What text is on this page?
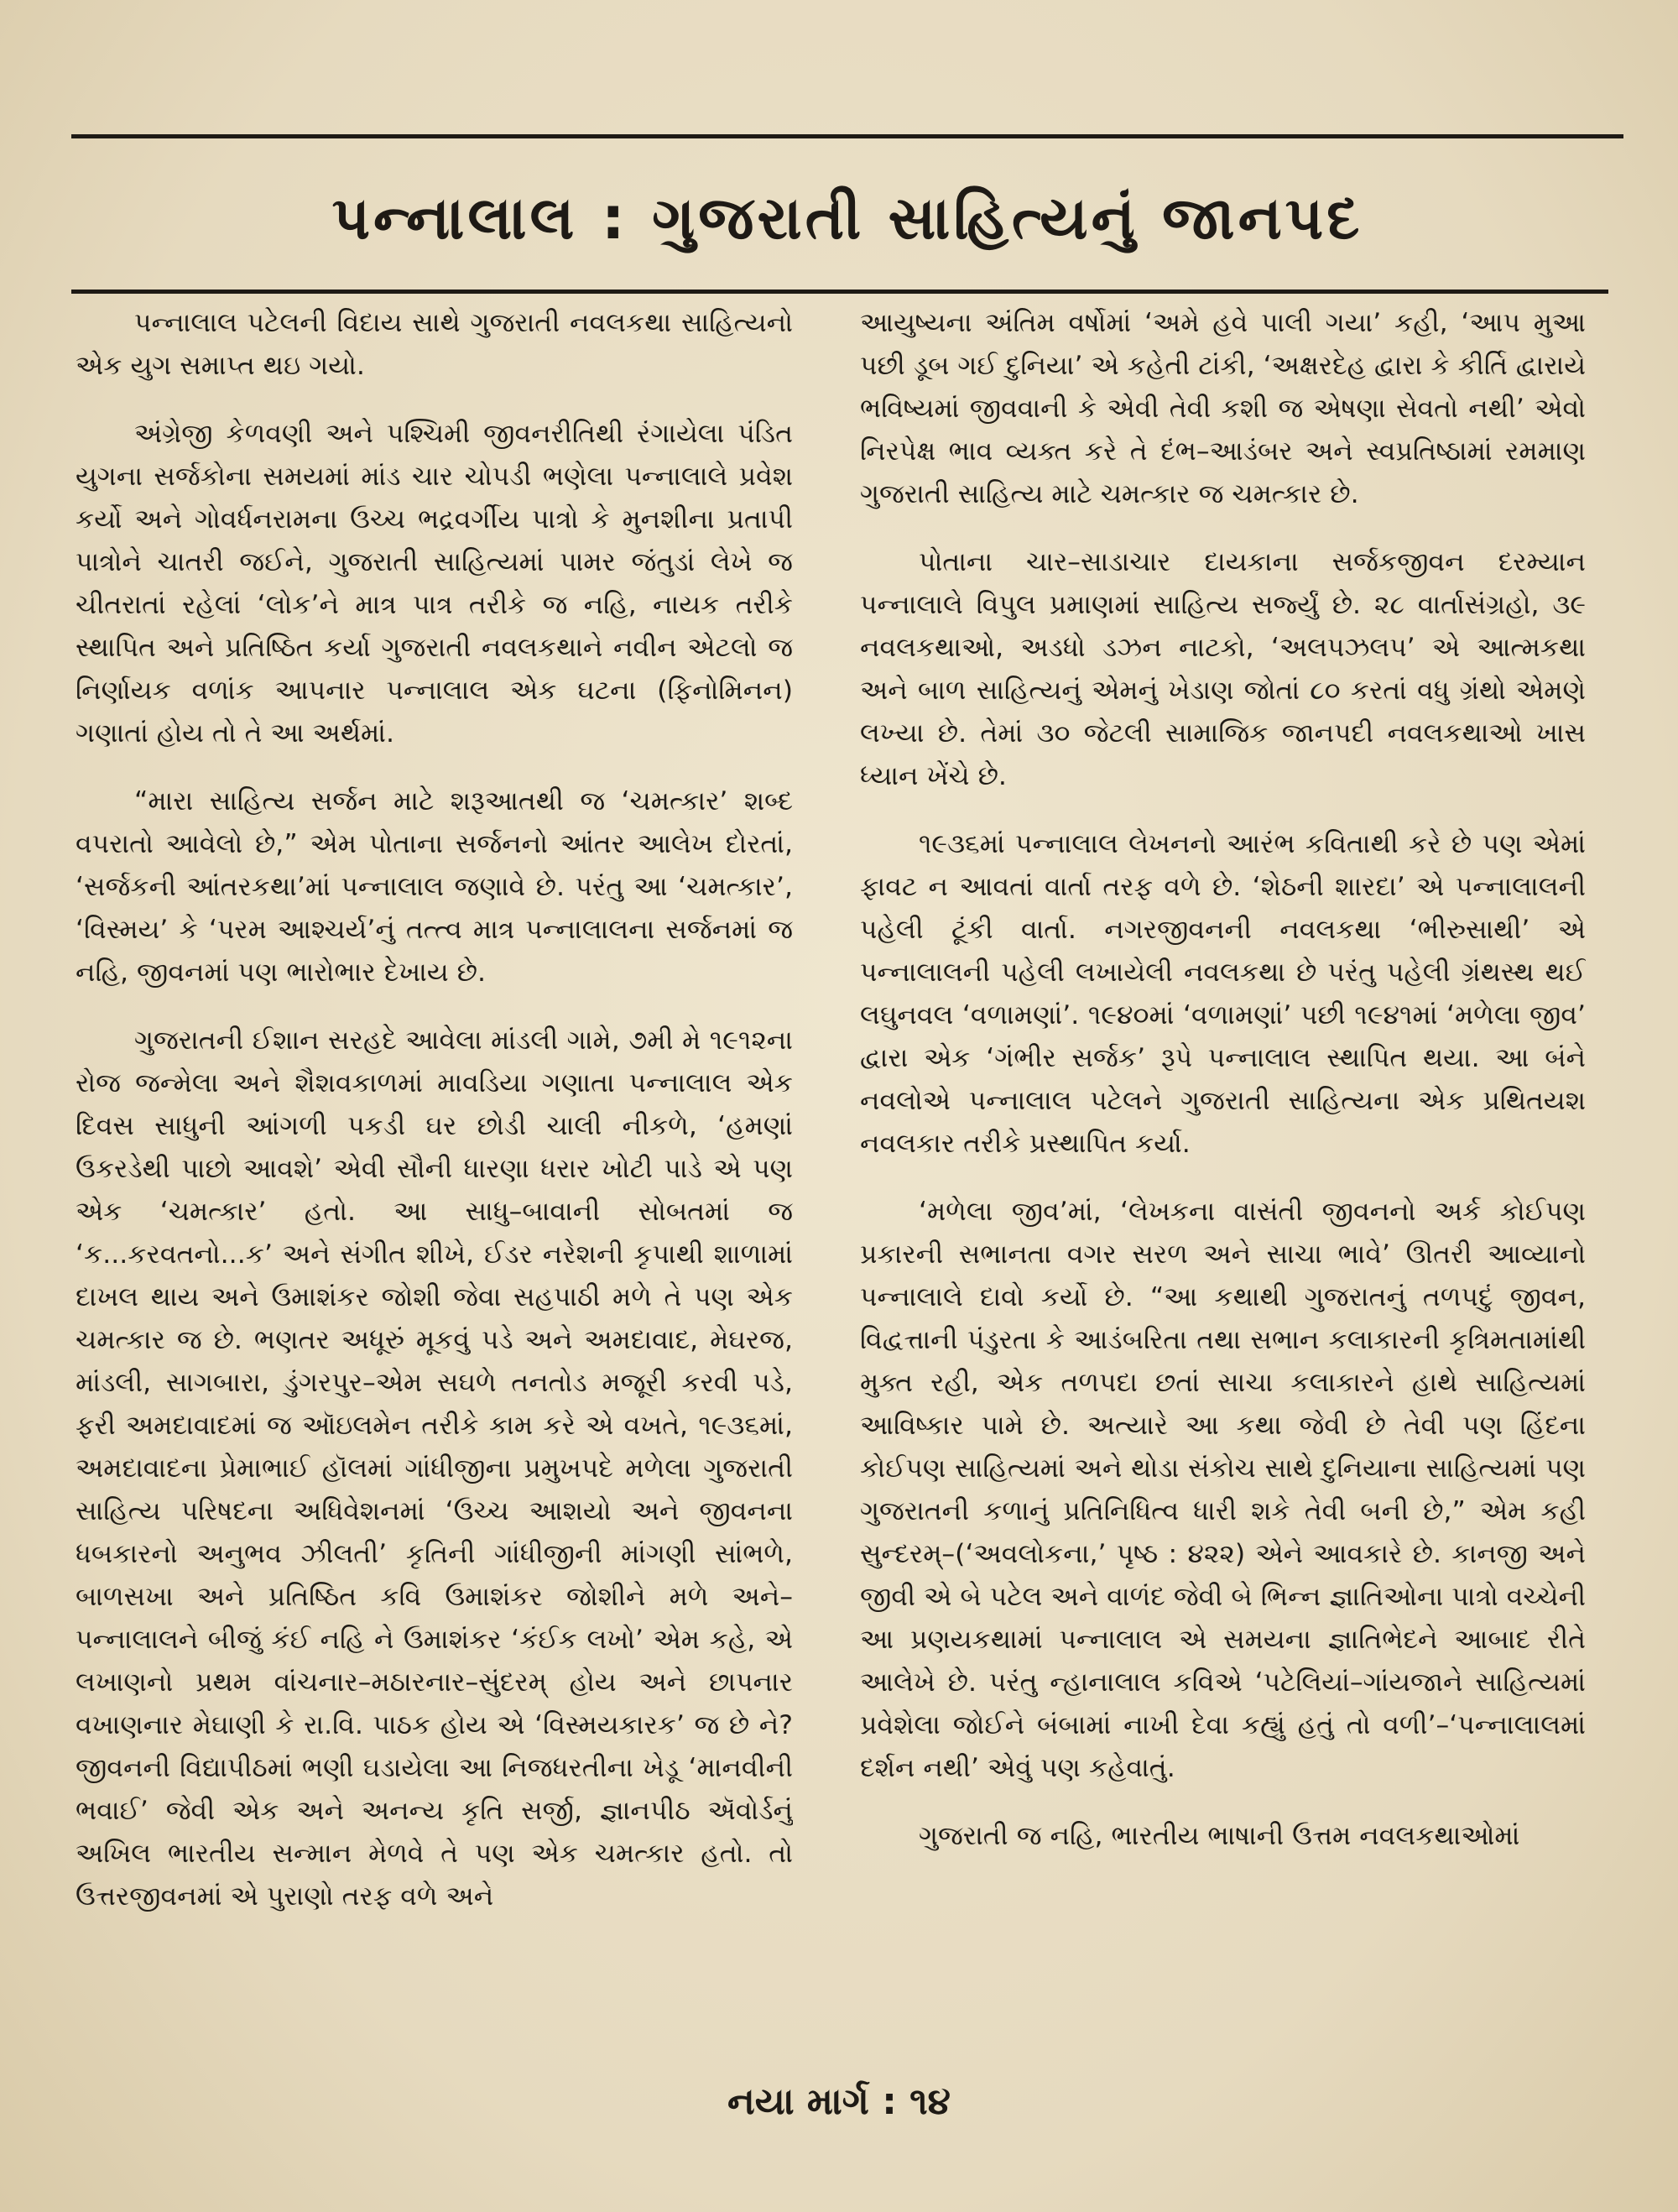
પન્નાલાલ : ગુજરાતી સાહિત્યનું જાનપદ

પન્નાલાલ પટેલની વિદાય સાથે ગુજરાતી નવલકથા સાહિત્યનો એક યુગ સમાપ્ત થઇ ગયો.

અંગ્રેજી કેળવણી અને પશ્ચિમી જીવનરીતિથી રંગાયેલા પંડિત યુગના સર્જકોના સમયમાં માંડ ચાર ચોપડી ભણેલા પન્નાલાલે પ્રવેશ કર્યો અને ગોવર્ધનરામના ઉચ્ચ ભદ્રવર્ગીય પાત્રો કે મુનશીના પ્રતાપી પાત્રોને ચાતરી જઈને, ગુજરાતી સાહિત્યમાં પામર જંતુડાં લેખે જ ચીતરાતાં રહેલાં ‘લોક’ને માત્ર પાત્ર તરીકે જ નહિ, નાયક તરીકે સ્થાપિત અને પ્રતિષ્ઠિત કર્યા ગુજરાતી નવલકથાને નવીન એટલો જ નિર્ણાયક વળાંક આપનાર પન્નાલાલ એક ઘટના (ફિનોમિનન) ગણાતાં હોય તો તે આ અર્થમાં.

“મારા સાહિત્ય સર્જન માટે શરૂઆતથી જ ‘ચમત્કાર’ શબ્દ વપરાતો આવેલો છે,” એમ પોતાના સર્જનનો આંતર આલેખ દોરતાં, ‘સર્જકની આંતરકથા’માં પન્નાલાલ જણાવે છે. પરંતુ આ ‘ચમત્કાર’, ‘વિસ્મય’ કે ‘પરમ આશ્ચર્ય’નું તત્ત્વ માત્ર પન્નાલાલના સર્જનમાં જ નહિ, જીવનમાં પણ ભારોભાર દેખાય છે.

ગુજરાતની ઈશાન સરહદે આવેલા માંડલી ગામે, ૭મી મે ૧૯૧૨ના રોજ જન્મેલા અને શૈશવકાળમાં માવડિયા ગણાતા પન્નાલાલ એક દિવસ સાધુની આંગળી પકડી ઘર છોડી ચાલી નીકળે, ‘હમણાં ઉકરડેથી પાછો આવશે’ એવી સૌની ધારણા ધરાર ખોટી પાડે એ પણ એક ‘ચમત્કાર’ હતો. આ સાધુ–બાવાની સોબતમાં જ ‘ક...કરવતનો...ક’ અને સંગીત શીખે, ઈડર નરેશની કૃપાથી શાળામાં દાખલ થાય અને ઉમાશંકર જોશી જેવા સહપાઠી મળે તે પણ એક ચમત્કાર જ છે. ભણતર અધૂરું મૂકવું પડે અને અમદાવાદ, મેઘરજ, માંડલી, સાગબારા, ડુંગરપુર–એમ સઘળે તનતોડ મજૂરી કરવી પડે, ફરી અમદાવાદમાં જ ઑઇલમેન તરીકે કામ કરે એ વખતે, ૧૯૩૬માં, અમદાવાદના પ્રેમાભાઈ હૉલમાં ગાંધીજીના પ્રમુખપદે મળેલા ગુજરાતી સાહિત્ય પરિષદના અધિવેશનમાં ‘ઉચ્ચ આશયો અને જીવનના ધબકારનો અનુભવ ઝીલતી’ કૃતિની ગાંધીજીની માંગણી સાંભળે, બાળસખા અને પ્રતિષ્ઠિત કવિ ઉમાશંકર જોશીને મળે અને–પન્નાલાલને બીજું કંઈ નહિ ને ઉમાશંકર ‘કંઈક લખો’ એમ કહે, એ લખાણનો પ્રથમ વાંચનાર–મઠારનાર–સુંદરમ્ હોય અને છાપનાર વખાણનાર મેઘાણી કે રા.વિ. પાઠક હોય એ ‘વિસ્મયકારક’ જ છે ને? જીવનની વિદ્યાપીઠમાં ભણી ઘડાયેલા આ નિજધરતીના ખેડૂ ‘માનવીની ભવાઈ’ જેવી એક અને અનન્ય કૃતિ સર્જી, જ્ઞાનપીઠ ઍવોર્ડનું અખિલ ભારતીય સન્માન મેળવે તે પણ એક ચમત્કાર હતો. તો ઉત્તરજીવનમાં એ પુરાણો તરફ વળે અને

આયુષ્યના અંતિમ વર્ષોમાં ‘અમે હવે પાલી ગયા’ કહી, ‘આપ મુઆ પછી ડૂબ ગઈ દુનિયા’ એ કહેતી ટાંકી, ‘અક્ષરદેહ દ્વારા કે કીર્તિ દ્વારાયે ભવિષ્યમાં જીવવાની કે એવી તેવી કશી જ એષણા સેવતો નથી’ એવો નિરપેક્ષ ભાવ વ્યક્ત કરે તે દંભ–આડંબર અને સ્વપ્રતિષ્ઠામાં રમમાણ ગુજરાતી સાહિત્ય માટે ચમત્કાર જ ચમત્કાર છે.

પોતાના ચાર–સાડાચાર દાયકાના સર્જકજીવન દરમ્યાન પન્નાલાલે વિપુલ પ્રમાણમાં સાહિત્ય સર્જ્યું છે. ૨૮ વાર્તાસંગ્રહો, ૩૯ નવલકથાઓ, અડધો ડઝન નાટકો, ‘અલપઝલપ’ એ આત્મકથા અને બાળ સાહિત્યનું એમનું ખેડાણ જોતાં ૮૦ કરતાં વધુ ગ્રંથો એમણે લખ્યા છે. તેમાં ૩૦ જેટલી સામાજિક જાનપદી નવલકથાઓ ખાસ ધ્યાન ખેંચે છે.

૧૯૩૬માં પન્નાલાલ લેખનનો આરંભ કવિતાથી કરે છે પણ એમાં ફાવટ ન આવતાં વાર્તા તરફ વળે છે. ‘શેઠની શારદા’ એ પન્નાલાલની પહેલી ટૂંકી વાર્તા. નગરજીવનની નવલકથા ‘ભીરુસાથી’ એ પન્નાલાલની પહેલી લખાયેલી નવલકથા છે પરંતુ પહેલી ગ્રંથસ્થ થઈ લઘુનવલ ‘વળામણાં’. ૧૯૪૦માં ‘વળામણાં’ પછી ૧૯૪૧માં ‘મળેલા જીવ’ દ્વારા એક ‘ગંભીર સર્જક’ રૂપે પન્નાલાલ સ્થાપિત થયા. આ બંને નવલોએ પન્નાલાલ પટેલને ગુજરાતી સાહિત્યના એક પ્રથિતયશ નવલકાર તરીકે પ્રસ્થાપિત કર્યા.

‘મળેલા જીવ’માં, ‘લેખકના વાસંતી જીવનનો અર્ક કોઈપણ પ્રકારની સભાનતા વગર સરળ અને સાચા ભાવે’ ઊતરી આવ્યાનો પન્નાલાલે દાવો કર્યો છે. “આ કથાથી ગુજરાતનું તળપદું જીવન, વિદ્વત્તાની પંડુરતા કે આડંબરિતા તથા સભાન કલાકારની કૃત્રિમતામાંથી મુક્ત રહી, એક તળપદા છતાં સાચા કલાકારને હાથે સાહિત્યમાં આવિષ્કાર પામે છે. અત્યારે આ કથા જેવી છે તેવી પણ હિંદના કોઈપણ સાહિત્યમાં અને થોડા સંકોચ સાથે દુનિયાના સાહિત્યમાં પણ ગુજરાતની કળાનું પ્રતિનિધિત્વ ધારી શકે તેવી બની છે,” એમ કહી સુન્દરમ્–(‘અવલોકના,’ પૃષ્ઠ : ૪૨૨) એને આવકારે છે. કાનજી અને જીવી એ બે પટેલ અને વાળંદ જેવી બે ભિન્ન જ્ઞાતિઓના પાત્રો વચ્ચેની આ પ્રણયકથામાં પન્નાલાલ એ સમયના જ્ઞાતિભેદને આબાદ રીતે આલેખે છે. પરંતુ ન્હાનાલાલ કવિએ ‘પટેલિયાં–ગાંયજાને સાહિત્યમાં પ્રવેશેલા જોઈને બંબામાં નાખી દેવા કહ્યું હતું તો વળી’–‘પન્નાલાલમાં દર્શન નથી’ એવું પણ કહેવાતું.

ગુજરાતી જ નહિ, ભારતીય ભાષાની ઉત્તમ નવલકથાઓમાં

નયા માર્ગ : ૧૪
